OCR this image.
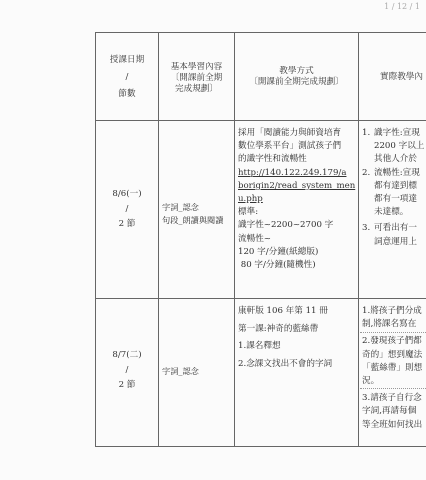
1 / 12 / 1
授課日期
/
節數
基本學習內容
〔開課前全期
完成規劃〕
教學方式
〔開課前全期完成規劃〕	實際教學內
8/6(一)
/
2 節
字詞_認念
句段_朗讀與閱讀
採用「閱讀能力與師資培育
數位學系平台」測試孩子們
的識字性和流暢性
http://140.122.249.179/a
borigin2/read_system_men
u.php
標準:
識字性~2200~2700 字
流暢性~
120 字/分鐘(紙總版)
80 字/分鐘(隨機性)
1. 識字性:宣現
2200 字以上
其他人介於
2. 流暢性:宣現
都有達到標
都有一項達
未達標。
3. 可看出有一
詞意運用上
8/7(二)
/
2 節
字詞_認念
康軒版 106 年第 11 冊
第一課:神奇的藍絲帶
1.課名釋想
2.念課文找出不會的字詞
1.將孩子們分成
制,將課名寫在
2.發現孩子們都
奇的」想到魔法
「藍絲帶」則想
況。
3.請孩子自行念
字詞,再請每個
等全班如何找出
